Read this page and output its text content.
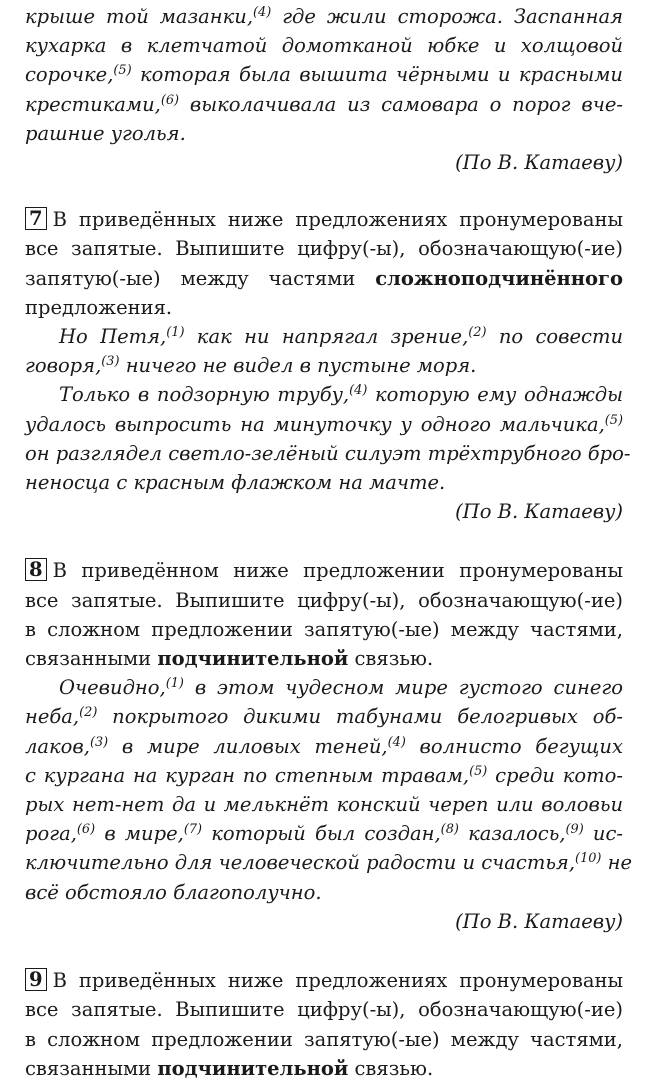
крыше той мазанки,$^{(4)}$ где жили сторожа. Заспанная
кухарка в клетчатой домотканой юбке и холщовой
сорочке,$^{(5)}$ которая была вышита чёрными и красными
крестиками,$^{(6)}$ выколачивала из самовара о порог вче-
рашние уголья.
(По В. Катаеву)
7 В приведённых ниже предложениях пронумерованы
все запятые. Выпишите цифру(-ы), обозначающую(-ие)
запятую(-ые) между частями сложноподчинённого
предложения.
Но Петя,$^{(1)}$ как ни напрягал зрение,$^{(2)}$ по совести
говоря,$^{(3)}$ ничего не видел в пустыне моря.
Только в подзорную трубу,$^{(4)}$ которую ему однажды
удалось выпросить на минуточку у одного мальчика,$^{(5)}$
он разглядел светло-зелёный силуэт трёхтрубного бро-
неносца с красным флажком на мачте.
(По В. Катаеву)
8 В приведённом ниже предложении пронумерованы
все запятые. Выпишите цифру(-ы), обозначающую(-ие)
в сложном предложении запятую(-ые) между частями,
связанными подчинительной связью.
Очевидно,$^{(1)}$ в этом чудесном мире густого синего
неба,$^{(2)}$ покрытого дикими табунами белогривых об-
лаков,$^{(3)}$ в мире лиловых теней,$^{(4)}$ волнисто бегущих
с кургана на курган по степным травам,$^{(5)}$ среди кото-
рых нет-нет да и мелькнёт конский череп или воловьи
рога,$^{(6)}$ в мире,$^{(7)}$ который был создан,$^{(8)}$ казалось,$^{(9)}$ ис-
ключительно для человеческой радости и счастья,$^{(10)}$ не
всё обстояло благополучно.
(По В. Катаеву)
9 В приведённых ниже предложениях пронумерованы
все запятые. Выпишите цифру(-ы), обозначающую(-ие)
в сложном предложении запятую(-ые) между частями,
связанными подчинительной связью.
